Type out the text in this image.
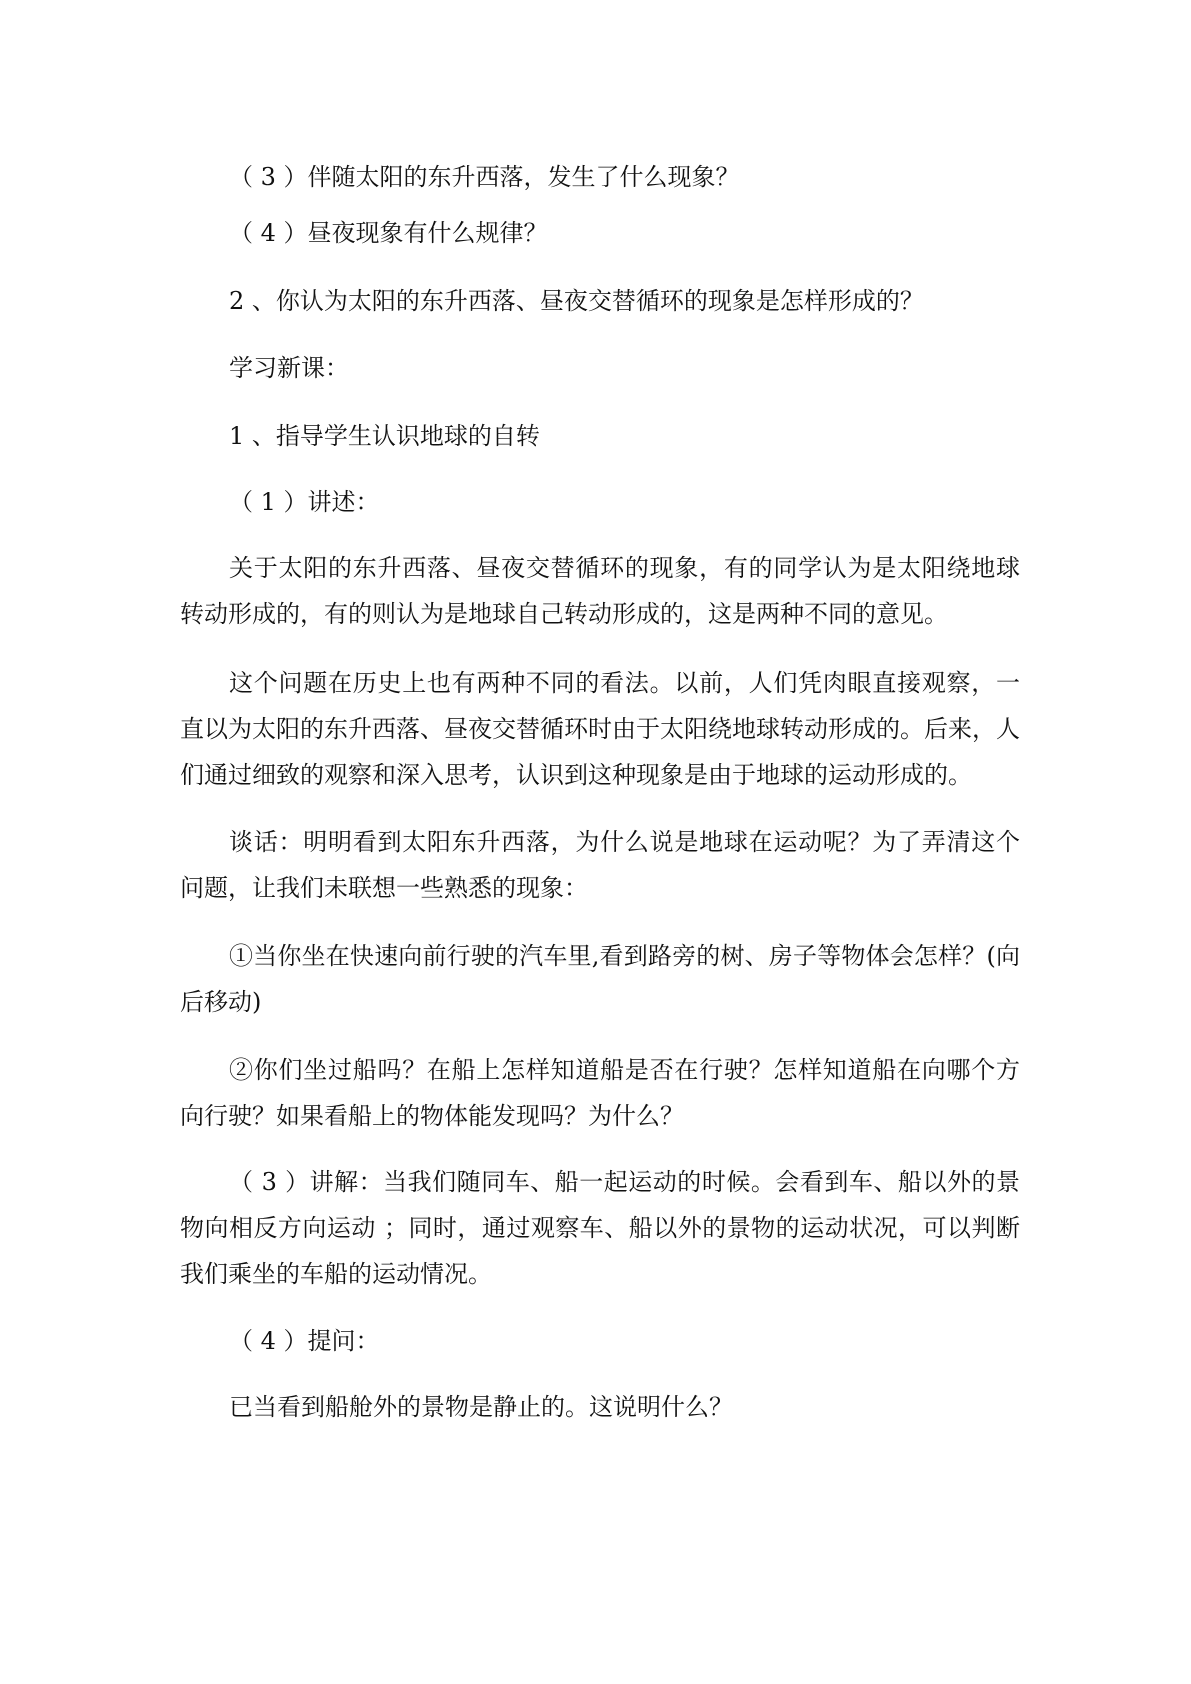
（ 3 ）伴随太阳的东升西落，发生了什么现象？

（ 4 ）昼夜现象有什么规律？

2 、你认为太阳的东升西落、昼夜交替循环的现象是怎样形成的？

学习新课：

1 、指导学生认识地球的自转

（ 1 ）讲述：

关于太阳的东升西落、昼夜交替循环的现象，有的同学认为是太阳绕地球转动形成的，有的则认为是地球自己转动形成的，这是两种不同的意见。

这个问题在历史上也有两种不同的看法。以前，人们凭肉眼直接观察，一直以为太阳的东升西落、昼夜交替循环时由于太阳绕地球转动形成的。后来，人们通过细致的观察和深入思考，认识到这种现象是由于地球的运动形成的。

谈话：明明看到太阳东升西落，为什么说是地球在运动呢？为了弄清这个问题，让我们未联想一些熟悉的现象：

①当你坐在快速向前行驶的汽车里,看到路旁的树、房子等物体会怎样？(向后移动)

②你们坐过船吗？在船上怎样知道船是否在行驶？怎样知道船在向哪个方向行驶？如果看船上的物体能发现吗？为什么？

（ 3 ）讲解：当我们随同车、船一起运动的时候。会看到车、船以外的景物向相反方向运动 ；同时，通过观察车、船以外的景物的运动状况，可以判断我们乘坐的车船的运动情况。

（ 4 ）提问：

已当看到船舱外的景物是静止的。这说明什么？
